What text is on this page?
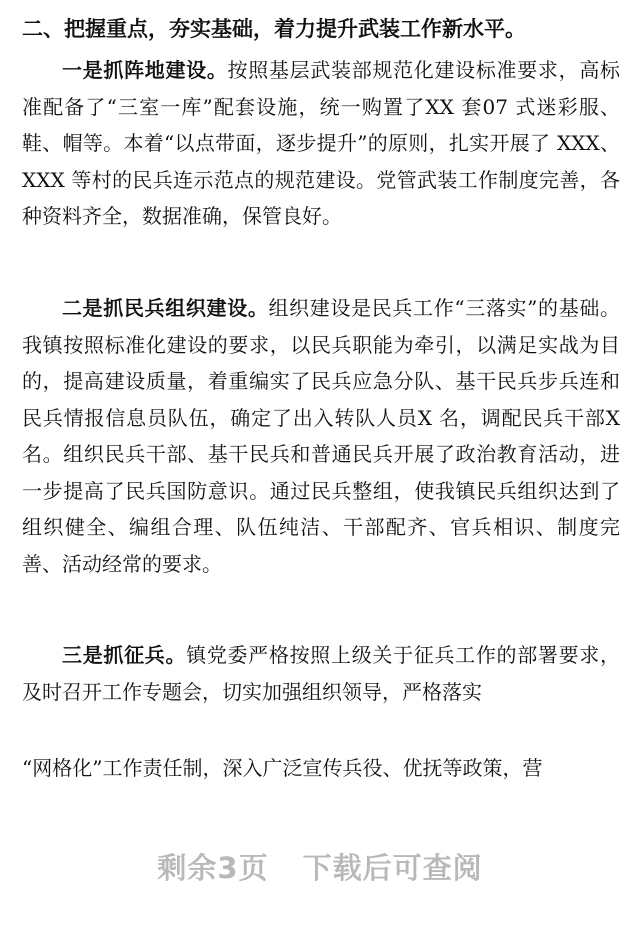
二、把握重点，夯实基础，着力提升武装工作新水平。

一是抓阵地建设。按照基层武装部规范化建设标准要求，高标准配备了“三室一库”配套设施，统一购置了XX 套07 式迷彩服、鞋、帽等。本着“以点带面，逐步提升”的原则，扎实开展了 XXX、XXX 等村的民兵连示范点的规范建设。党管武装工作制度完善，各种资料齐全，数据准确，保管良好。

二是抓民兵组织建设。组织建设是民兵工作“三落实”的基础。我镇按照标准化建设的要求，以民兵职能为牵引，以满足实战为目的，提高建设质量，着重编实了民兵应急分队、基干民兵步兵连和民兵情报信息员队伍，确定了出入转队人员X 名，调配民兵干部X 名。组织民兵干部、基干民兵和普通民兵开展了政治教育活动，进一步提高了民兵国防意识。通过民兵整组，使我镇民兵组织达到了组织健全、编组合理、队伍纯洁、干部配齐、官兵相识、制度完善、活动经常的要求。

三是抓征兵。镇党委严格按照上级关于征兵工作的部署要求，及时召开工作专题会，切实加强组织领导，严格落实

“网格化”工作责任制，深入广泛宣传兵役、优抚等政策，营

剩余3页 下载后可查阅
